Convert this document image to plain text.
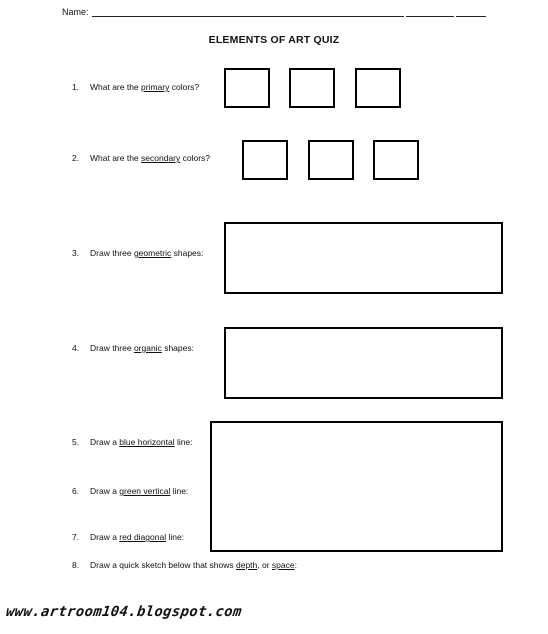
Name:
ELEMENTS OF ART QUIZ
1. What are the primary colors?
2. What are the secondary colors?
3. Draw three geometric shapes:
4. Draw three organic shapes:
5. Draw a blue horizontal line:
6. Draw a green vertical line:
7. Draw a red diagonal line:
8. Draw a quick sketch below that shows depth, or space:
www.artroom104.blogspot.com
